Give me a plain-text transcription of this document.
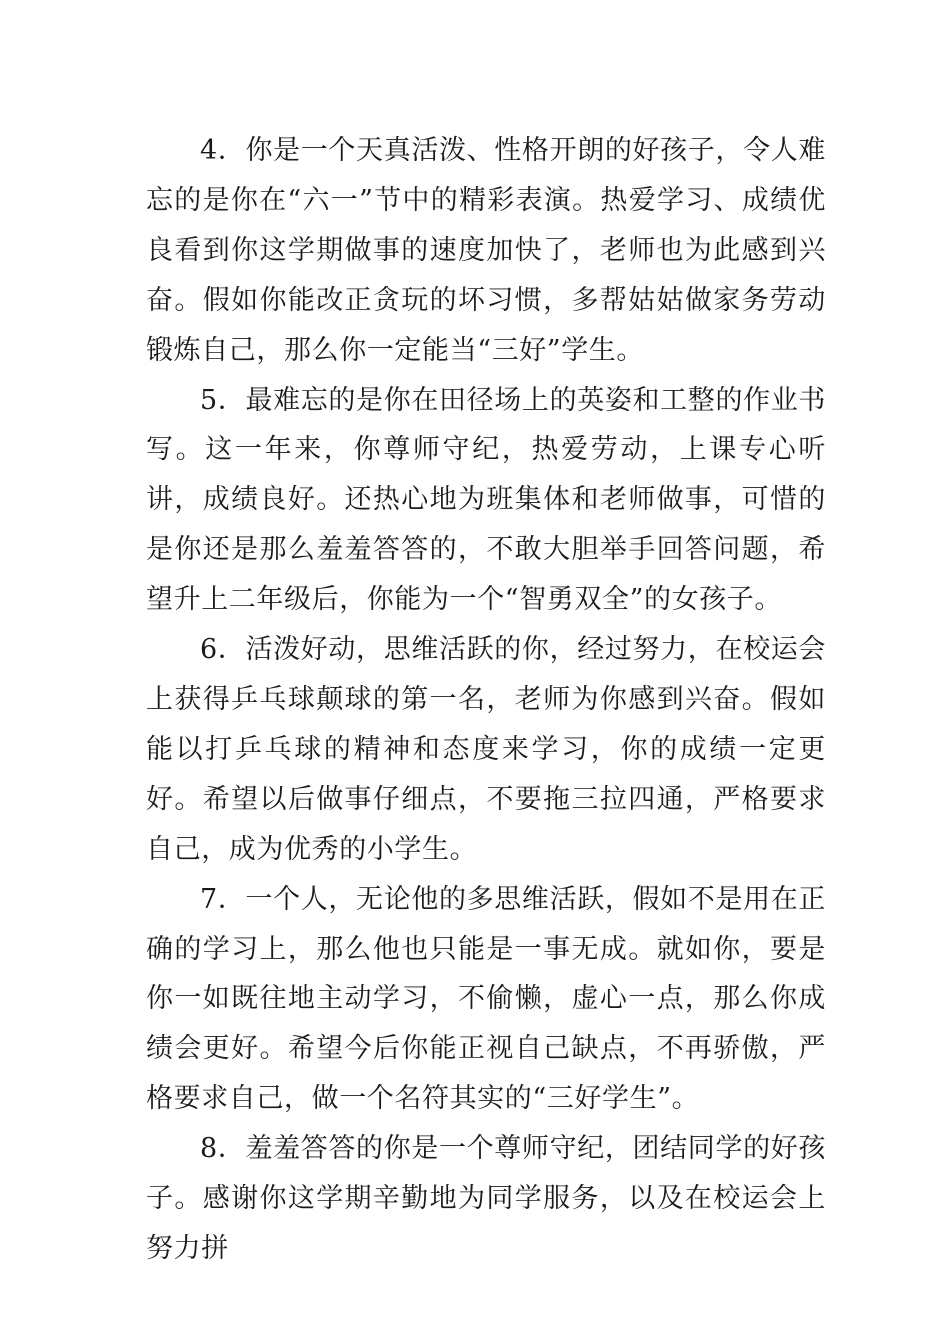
4．你是一个天真活泼、性格开朗的好孩子，令人难忘的是你在“六一”节中的精彩表演。热爱学习、成绩优良看到你这学期做事的速度加快了，老师也为此感到兴奋。假如你能改正贪玩的坏习惯，多帮姑姑做家务劳动锻炼自己，那么你一定能当“三好”学生。

5．最难忘的是你在田径场上的英姿和工整的作业书写。这一年来，你尊师守纪，热爱劳动，上课专心听讲，成绩良好。还热心地为班集体和老师做事，可惜的是你还是那么羞羞答答的，不敢大胆举手回答问题，希望升上二年级后，你能为一个“智勇双全”的女孩子。

6．活泼好动，思维活跃的你，经过努力，在校运会上获得乒乓球颠球的第一名，老师为你感到兴奋。假如能以打乒乓球的精神和态度来学习，你的成绩一定更好。希望以后做事仔细点，不要拖三拉四通，严格要求自己，成为优秀的小学生。

7．一个人，无论他的多思维活跃，假如不是用在正确的学习上，那么他也只能是一事无成。就如你，要是你一如既往地主动学习，不偷懒，虚心一点，那么你成绩会更好。希望今后你能正视自己缺点，不再骄傲，严格要求自己，做一个名符其实的“三好学生”。

8．羞羞答答的你是一个尊师守纪，团结同学的好孩子。感谢你这学期辛勤地为同学服务，以及在校运会上努力拼
